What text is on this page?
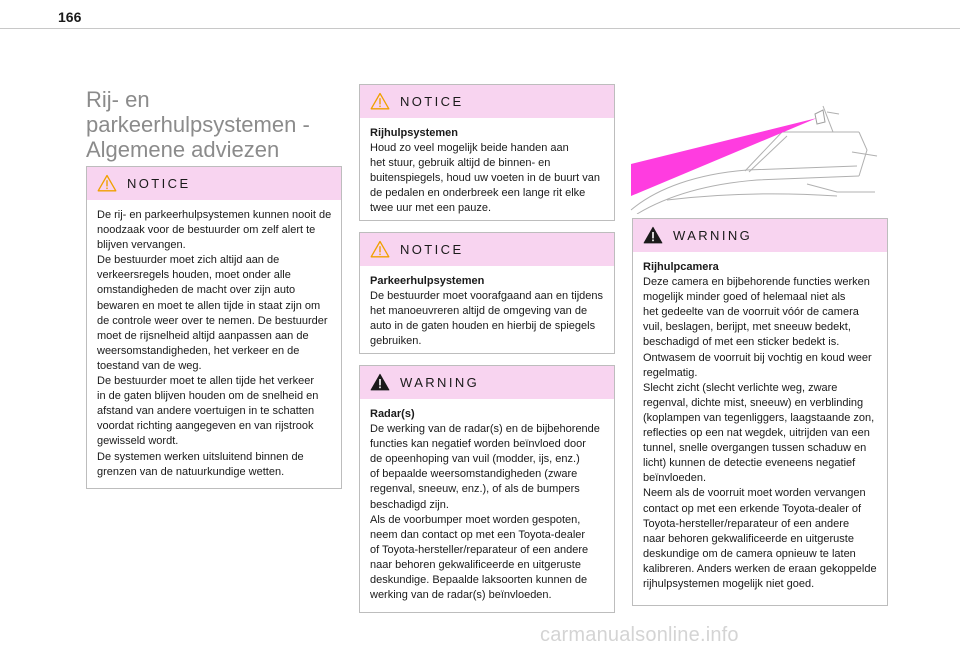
166
Rij- en
parkeerhulpsystemen -
Algemene adviezen
NOTICE

De rij- en parkeerhulpsystemen kunnen nooit de

noodzaak voor de bestuurder om zelf alert te

blijven vervangen.

De bestuurder moet zich altijd aan de

verkeersregels houden, moet onder alle

omstandigheden de macht over zijn auto

bewaren en moet te allen tijde in staat zijn om

de controle weer over te nemen. De bestuurder

moet de rijsnelheid altijd aanpassen aan de

weersomstandigheden, het verkeer en de

toestand van de weg.

De bestuurder moet te allen tijde het verkeer

in de gaten blijven houden om de snelheid en

afstand van andere voertuigen in te schatten

voordat richting aangegeven en van rijstrook

gewisseld wordt.

De systemen werken uitsluitend binnen de

grenzen van de natuurkundige wetten.

NOTICE

Rijhulpsystemen

Houd zo veel mogelijk beide handen aan

het stuur, gebruik altijd de binnen- en

buitenspiegels, houd uw voeten in de buurt van

de pedalen en onderbreek een lange rit elke

twee uur met een pauze.

NOTICE

Parkeerhulpsystemen

De bestuurder moet voorafgaand aan en tijdens

het manoeuvreren altijd de omgeving van de

auto in de gaten houden en hierbij de spiegels

gebruiken.

WARNING

Radar(s)

De werking van de radar(s) en de bijbehorende

functies kan negatief worden beïnvloed door

de opeenhoping van vuil (modder, ijs, enz.)

of bepaalde weersomstandigheden (zware

regenval, sneeuw, enz.), of als de bumpers

beschadigd zijn.

Als de voorbumper moet worden gespoten,

neem dan contact op met een Toyota-dealer

of Toyota-hersteller/reparateur of een andere

naar behoren gekwalificeerde en uitgeruste

deskundige. Bepaalde laksoorten kunnen de

werking van de radar(s) beïnvloeden.

WARNING

Rijhulpcamera

Deze camera en bijbehorende functies werken

mogelijk minder goed of helemaal niet als

het gedeelte van de voorruit vóór de camera

vuil, beslagen, berijpt, met sneeuw bedekt,

beschadigd of met een sticker bedekt is.

Ontwasem de voorruit bij vochtig en koud weer

regelmatig.

Slecht zicht (slecht verlichte weg, zware

regenval, dichte mist, sneeuw) en verblinding

(koplampen van tegenliggers, laagstaande zon,

reflecties op een nat wegdek, uitrijden van een

tunnel, snelle overgangen tussen schaduw en

licht) kunnen de detectie eveneens negatief

beïnvloeden.

Neem als de voorruit moet worden vervangen

contact op met een erkende Toyota-dealer of

Toyota-hersteller/reparateur of een andere

naar behoren gekwalificeerde en uitgeruste

deskundige om de camera opnieuw te laten

kalibreren. Anders werken de eraan gekoppelde

rijhulpsystemen mogelijk niet goed.

carmanualsonline.info
